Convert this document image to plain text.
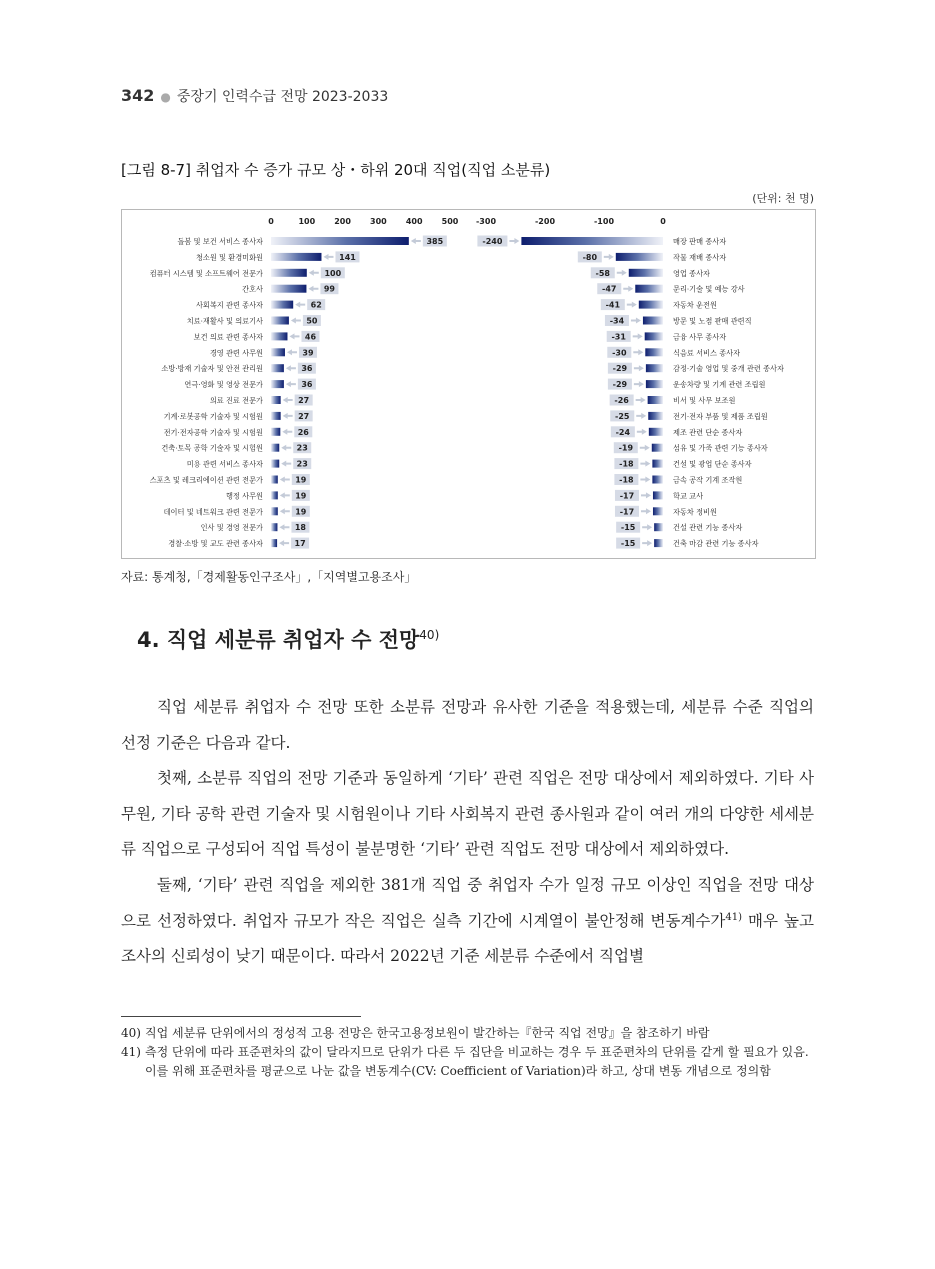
342 ● 중장기 인력수급 전망 2023-2033
[그림 8-7] 취업자 수 증가 규모 상・하위 20대 직업(직업 소분류)
(단위: 천 명)
0	100 200 300 400 500
돌봄 및 보건 서비스 종사자	385
청소원 및 환경미화원	141
컴퓨터 시스템 및 소프트웨어 전문가	100
간호사	99
사회복지 관련 종사자	62
치료·재활사 및 의료기사	50
보건 의료 관련 종사자	46
경영 관련 사무원	39
소방·방재 기술자 및 안전 관리원	36
연극·영화 및 영상 전문가	36
의료 진료 전문가	27
기계·로봇공학 기술자 및 시험원	27
전기·전자공학 기술자 및 시험원	26
건축·토목 공학 기술자 및 시험원	23
미용 관련 서비스 종사자	23
스포츠 및 레크리에이션 관련 전문가	19
행정 사무원	19
데이터 및 네트워크 관련 전문가	19
인사 및 경영 전문가	18
경찰·소방 및 교도 관련 종사자	17
-300	-200	-100	0
-240	매장 판매 종사자
-80	작물 재배 종사자
-58	영업 종사자
-47	문리·기술 및 예능 강사
-41	자동차 운전원
-34	방문 및 노점 판매 관련직
-31	금융 사무 종사자
-30	식음료 서비스 종사자
-29	감정·기술 영업 및 중개 관련 종사자
-29	운송차량 및 기계 관련 조립원
-26	비서 및 사무 보조원
-25	전기·전자 부품 및 제품 조립원
-24	제조 관련 단순 종사자
-19	섬유 및 가죽 관련 기능 종사자
-18	건설 및 광업 단순 종사자
-18	금속 공작 기계 조작원
-17	학교 교사
-17	자동차 정비원
-15	건설 관련 기능 종사자
-15	건축 마감 관련 기능 종사자
자료: 통계청,「경제활동인구조사」,「지역별고용조사」
4. 직업 세분류 취업자 수 전망$^{40)}$

직업 세분류 취업자 수 전망 또한 소분류 전망과 유사한 기준을 적용했는데, 세분류 수준 직업의 선정 기준은 다음과 같다.

첫째, 소분류 직업의 전망 기준과 동일하게 ‘기타’ 관련 직업은 전망 대상에서 제외하였다. 기타 사무원, 기타 공학 관련 기술자 및 시험원이나 기타 사회복지 관련 종사원과 같이 여러 개의 다양한 세세분류 직업으로 구성되어 직업 특성이 불분명한 ‘기타’ 관련 직업도 전망 대상에서 제외하였다.

둘째, ‘기타’ 관련 직업을 제외한 381개 직업 중 취업자 수가 일정 규모 이상인 직업을 전망 대상으로 선정하였다. 취업자 규모가 작은 직업은 실측 기간에 시계열이 불안정해 변동계수가$^{41)}$ 매우 높고 조사의 신뢰성이 낮기 때문이다. 따라서 2022년 기준 세분류 수준에서 직업별

40) 직업 세분류 단위에서의 정성적 고용 전망은 한국고용정보원이 발간하는『한국 직업 전망』을 참조하기 바람

41) 측정 단위에 따라 표준편차의 값이 달라지므로 단위가 다른 두 집단을 비교하는 경우 두 표준편차의 단위를 같게 할 필요가 있음. 이를 위해 표준편차를 평균으로 나눈 값을 변동계수(CV: Coefficient of Variation)라 하고, 상대 변동 개념으로 정의함
